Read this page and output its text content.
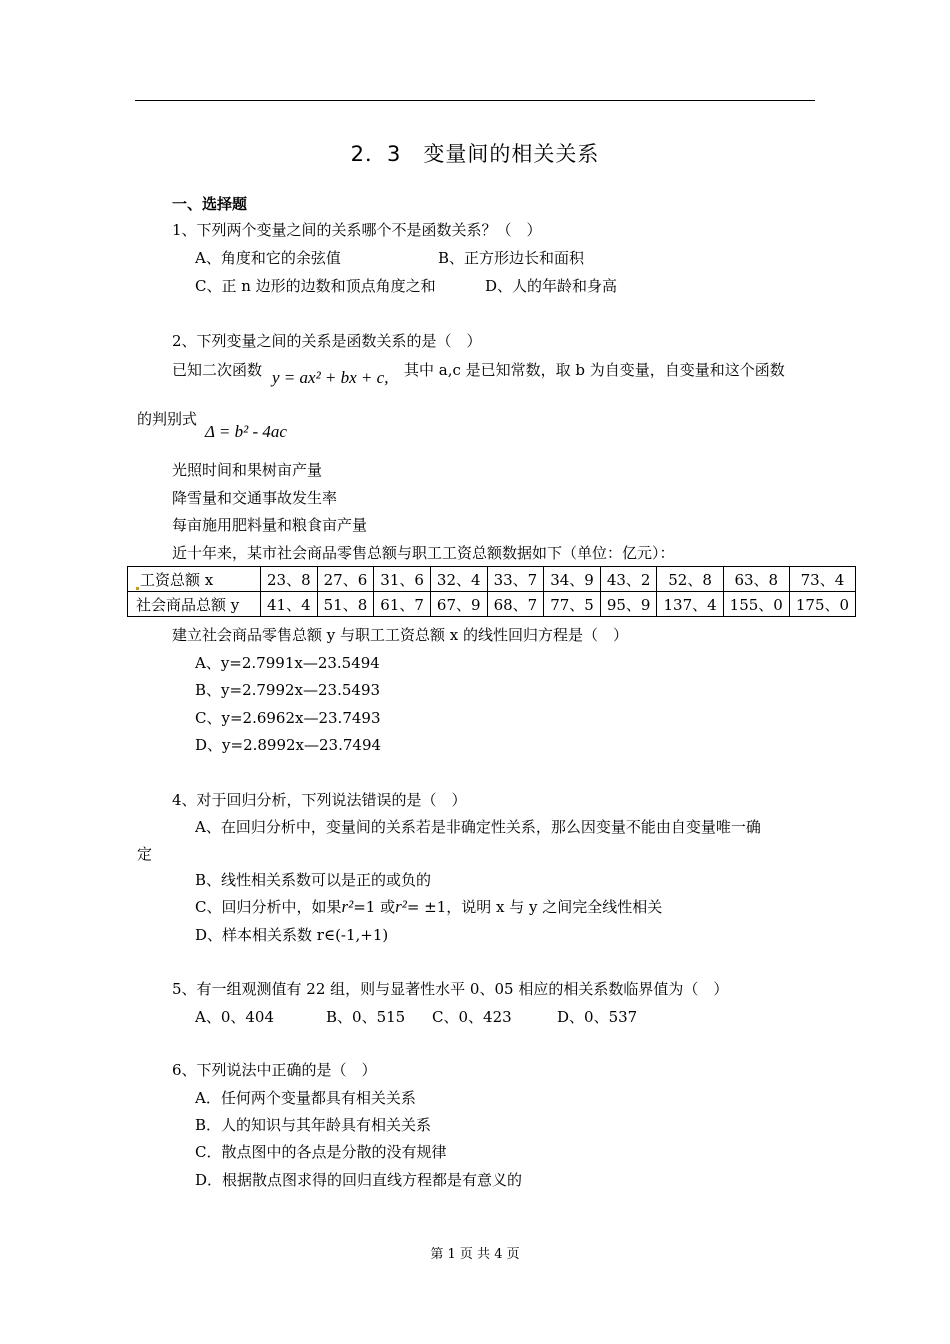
2．3　变量间的相关关系
一、选择题
1、下列两个变量之间的关系哪个不是函数关系？（　）
A、角度和它的余弦值	B、正方形边长和面积
C、正 n 边形的边数和顶点角度之和	D、人的年龄和身高
2、下列变量之间的关系是函数关系的是（　）
已知二次函数 y = ax² + bx + c, 其中 a,c 是已知常数，取 b 为自变量，自变量和这个函数
的判别式
Δ = b² - 4ac
光照时间和果树亩产量
降雪量和交通事故发生率
每亩施用肥料量和粮食亩产量
近十年来，某市社会商品零售总额与职工工资总额数据如下（单位：亿元）：
工资总额 x	23、8	27、6	31、6	32、4	33、7	34、9	43、2	52、8	63、8	73、4
社会商品总额 y	41、4	51、8	61、7	67、9	68、7	77、5	95、9	137、4	155、0	175、0
建立社会商品零售总额 y 与职工工资总额 x 的线性回归方程是（　）
A、y=2.7991x—23.5494
B、y=2.7992x—23.5493
C、y=2.6962x—23.7493
D、y=2.8992x—23.7494
4、对于回归分析，下列说法错误的是（　）
A、在回归分析中，变量间的关系若是非确定性关系，那么因变量不能由自变量唯一确
定
B、线性相关系数可以是正的或负的
C、回归分析中，如果r²=1 或r²= ±1，说明 x 与 y 之间完全线性相关
D、样本相关系数 r∈(-1,+1)
5、有一组观测值有 22 组，则与显著性水平 0、05 相应的相关系数临界值为（　）
A、0、404	B、0、515 C、0、423	D、0、537
6、下列说法中正确的是（　）
A．任何两个变量都具有相关关系
B．人的知识与其年龄具有相关关系
C．散点图中的各点是分散的没有规律
D．根据散点图求得的回归直线方程都是有意义的
第 1 页 共 4 页
